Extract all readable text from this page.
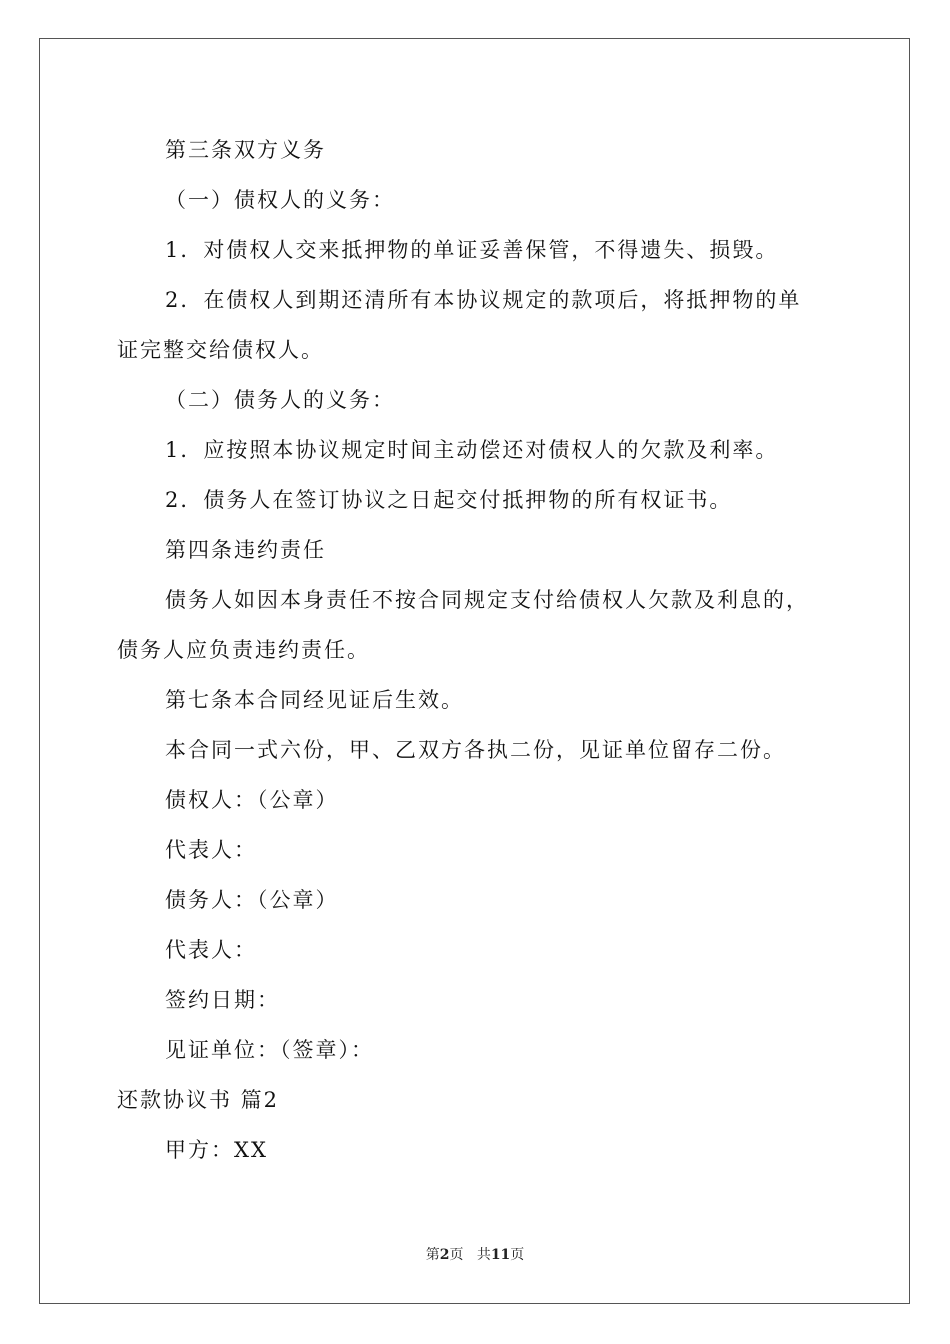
第三条双方义务
（一）债权人的义务：
1．对债权人交来抵押物的单证妥善保管，不得遗失、损毁。
2．在债权人到期还清所有本协议规定的款项后，将抵押物的单
证完整交给债权人。
（二）债务人的义务：
1．应按照本协议规定时间主动偿还对债权人的欠款及利率。
2．债务人在签订协议之日起交付抵押物的所有权证书。
第四条违约责任
债务人如因本身责任不按合同规定支付给债权人欠款及利息的，
债务人应负责违约责任。
第七条本合同经见证后生效。
本合同一式六份，甲、乙双方各执二份，见证单位留存二份。
债权人：（公章）
代表人：
债务人：（公章）
代表人：
签约日期：
见证单位：（签章）：
还款协议书 篇2
甲方：XX
第2页 共11页
